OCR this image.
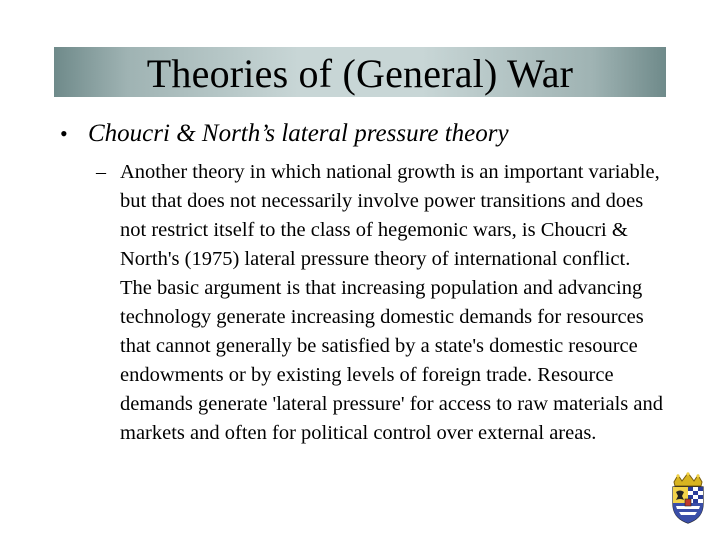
Theories of (General) War
• Choucri & North’s lateral pressure theory
– Another theory in which national growth is an important variable, but that does not necessarily involve power transitions and does not restrict itself to the class of hegemonic wars, is Choucri & North's (1975) lateral pressure theory of international conflict. The basic argument is that increasing population and advancing technology generate increasing domestic demands for resources that cannot generally be satisfied by a state's domestic resource endowments or by existing levels of foreign trade. Resource demands generate 'lateral pressure' for access to raw materials and markets and often for political control over external areas.
